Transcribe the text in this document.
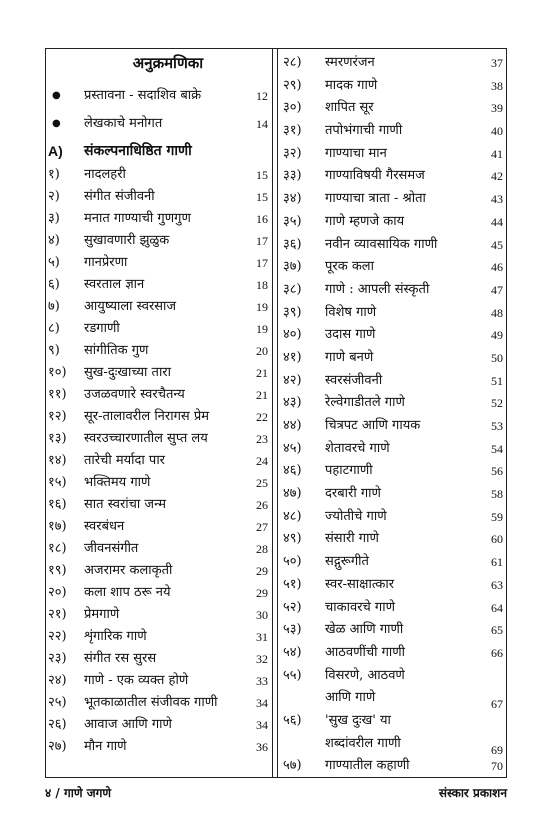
अनुक्रमणिका
● प्रस्तावना - सदाशिव बाक्रे	12
● लेखकाचे मनोगत	14
A) संकल्पनाधिष्ठित गाणी
१) नादलहरी	15
२) संगीत संजीवनी	15
३) मनात गाण्याची गुणगुण	16
४) सुखावणारी झुळुक	17
५) गानप्रेरणा	17
६) स्वरताल ज्ञान	18
७) आयुष्याला स्वरसाज	19
८) रडगाणी	19
९) सांगीतिक गुण	20
१०) सुख-दुःखाच्या तारा	21
११) उजळवणारे स्वरचैतन्य	21
१२) सूर-तालावरील निरागस प्रेम	22
१३) स्वरउच्चारणातील सुप्त लय	23
१४) तारेची मर्यादा पार	24
१५) भक्तिमय गाणे	25
१६) सात स्वरांचा जन्म	26
१७) स्वरबंधन	27
१८) जीवनसंगीत	28
१९) अजरामर कलाकृती	29
२०) कला शाप ठरू नये	29
२१) प्रेमगाणे	30
२२) शृंगारिक गाणे	31
२३) संगीत रस सुरस	32
२४) गाणे - एक व्यक्त होणे	33
२५) भूतकाळातील संजीवक गाणी	34
२६) आवाज आणि गाणे	34
२७) मौन गाणे	36
२८) स्मरणरंजन	37
२९) मादक गाणे	38
३०) शापित सूर	39
३१) तपोभंगाची गाणी	40
३२) गाण्याचा मान	41
३३) गाण्याविषयी गैरसमज	42
३४) गाण्याचा त्राता - श्रोता	43
३५) गाणे म्हणजे काय	44
३६) नवीन व्यावसायिक गाणी	45
३७) पूरक कला	46
३८) गाणे : आपली संस्कृती	47
३९) विशेष गाणे	48
४०) उदास गाणे	49
४१) गाणे बनणे	50
४२) स्वरसंजीवनी	51
४३) रेल्वेगाडीतले गाणे	52
४४) चित्रपट आणि गायक	53
४५) शेतावरचे गाणे	54
४६) पहाटगाणी	56
४७) दरबारी गाणे	58
४८) ज्योतीचे गाणे	59
४९) संसारी गाणे	60
५०) सद्गुरूगीते	61
५१) स्वर-साक्षात्कार	63
५२) चाकावरचे गाणे	64
५३) खेळ आणि गाणी	65
५४) आठवणींची गाणी	66
५५) विसरणे, आठवणे
आणि गाणे	67
५६) 'सुख दुःख' या
शब्दांवरील गाणी	69
५७) गाण्यातील कहाणी	70
४ / गाणे जगणे	संस्कार प्रकाशन
